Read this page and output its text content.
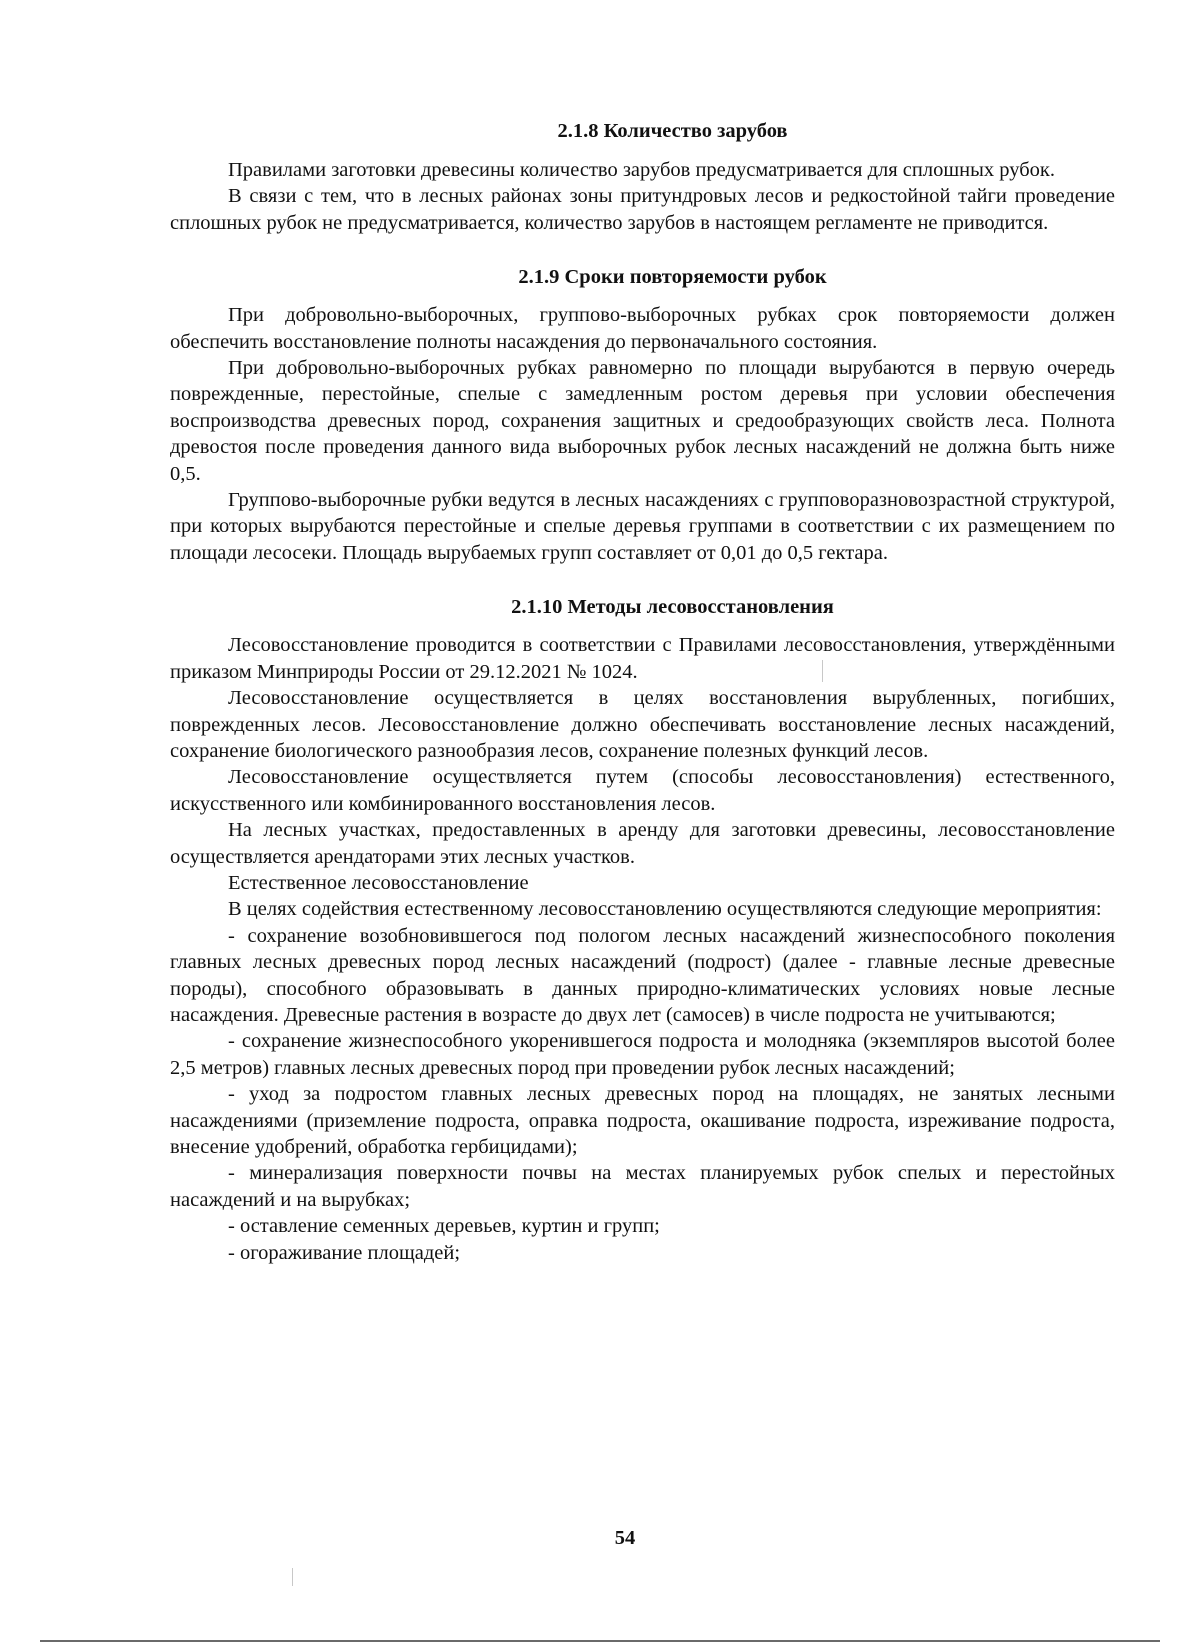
2.1.8 Количество зарубов

Правилами заготовки древесины количество зарубов предусматривается для сплошных рубок.

В связи с тем, что в лесных районах зоны притундровых лесов и редкостойной тайги проведение сплошных рубок не предусматривается, количество зарубов в настоящем регламенте не приводится.

2.1.9 Сроки повторяемости рубок

При добровольно-выборочных, группово-выборочных рубках срок повторяемости должен обеспечить восстановление полноты насаждения до первоначального состояния.

При добровольно-выборочных рубках равномерно по площади вырубаются в первую очередь поврежденные, перестойные, спелые с замедленным ростом деревья при условии обеспечения воспроизводства древесных пород, сохранения защитных и средообразующих свойств леса. Полнота древостоя после проведения данного вида выборочных рубок лесных насаждений не должна быть ниже 0,5.

Группово-выборочные рубки ведутся в лесных насаждениях с групповоразновозрастной структурой, при которых вырубаются перестойные и спелые деревья группами в соответствии с их размещением по площади лесосеки. Площадь вырубаемых групп составляет от 0,01 до 0,5 гектара.

2.1.10 Методы лесовосстановления

Лесовосстановление проводится в соответствии с Правилами лесовосстановления, утверждёнными приказом Минприроды России от 29.12.2021 № 1024.

Лесовосстановление осуществляется в целях восстановления вырубленных, погибших, поврежденных лесов. Лесовосстановление должно обеспечивать восстановление лесных насаждений, сохранение биологического разнообразия лесов, сохранение полезных функций лесов.

Лесовосстановление осуществляется путем (способы лесовосстановления) естественного, искусственного или комбинированного восстановления лесов.

На лесных участках, предоставленных в аренду для заготовки древесины, лесовосстановление осуществляется арендаторами этих лесных участков.

Естественное лесовосстановление

В целях содействия естественному лесовосстановлению осуществляются следующие мероприятия:

- сохранение возобновившегося под пологом лесных насаждений жизнеспособного поколения главных лесных древесных пород лесных насаждений (подрост) (далее - главные лесные древесные породы), способного образовывать в данных природно-климатических условиях новые лесные насаждения. Древесные растения в возрасте до двух лет (самосев) в числе подроста не учитываются;

- сохранение жизнеспособного укоренившегося подроста и молодняка (экземпляров высотой более 2,5 метров) главных лесных древесных пород при проведении рубок лесных насаждений;

- уход за подростом главных лесных древесных пород на площадях, не занятых лесными насаждениями (приземление подроста, оправка подроста, окашивание подроста, изреживание подроста, внесение удобрений, обработка гербицидами);

- минерализация поверхности почвы на местах планируемых рубок спелых и перестойных насаждений и на вырубках;

- оставление семенных деревьев, куртин и групп;

- огораживание площадей;

54
